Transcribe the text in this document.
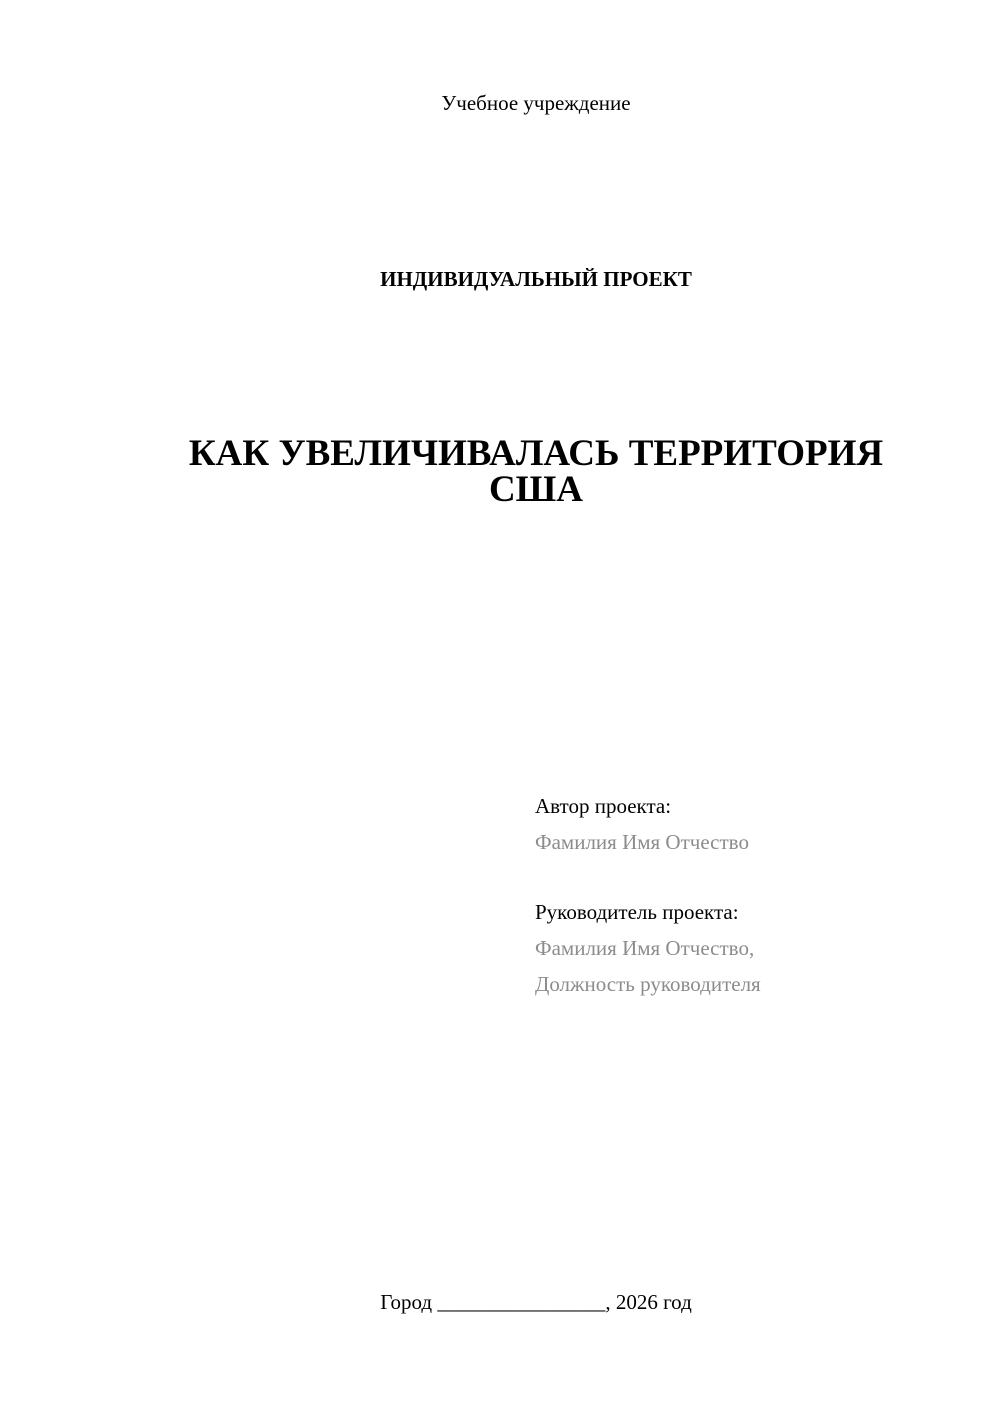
Учебное учреждение
ИНДИВИДУАЛЬНЫЙ ПРОЕКТ
КАК УВЕЛИЧИВАЛАСЬ ТЕРРИТОРИЯ
США
Автор проекта:
Фамилия Имя Отчество
Руководитель проекта:
Фамилия Имя Отчество,
Должность руководителя
Город ________________, 2026 год
